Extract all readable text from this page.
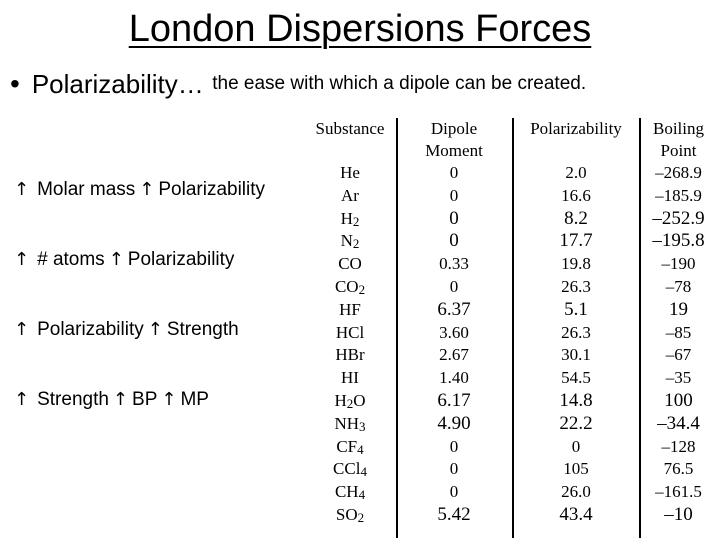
London Dispersions Forces
• Polarizability… the ease with which a dipole can be created.
↑ Molar mass ↑ Polarizability
↑ # atoms ↑ Polarizability
↑ Polarizability ↑ Strength
↑ Strength ↑ BP ↑ MP
Substance	Dipole
Moment
Polarizability	Boiling
Point
He
Ar
$H_2$
$N_2$
CO
$CO_2$
HF
HCl
HBr
HI
$H_2O$
$NH_3$
$CF_4$
CCl$_4$
$CH_4$
$SO_2$
0
0
0
0
0.33
0
6.37
3.60
2.67
1.40
6.17
4.90
0
0
0
5.42
2.0
16.6
8.2
17.7
19.8
26.3
5.1
26.3
30.1
54.5
14.8
22.2
0
105
26.0
43.4
–268.9
–185.9
–252.9
–195.8
–190
–78
19
–85
–67
–35
100
–34.4
–128
76.5
–161.5
–10
